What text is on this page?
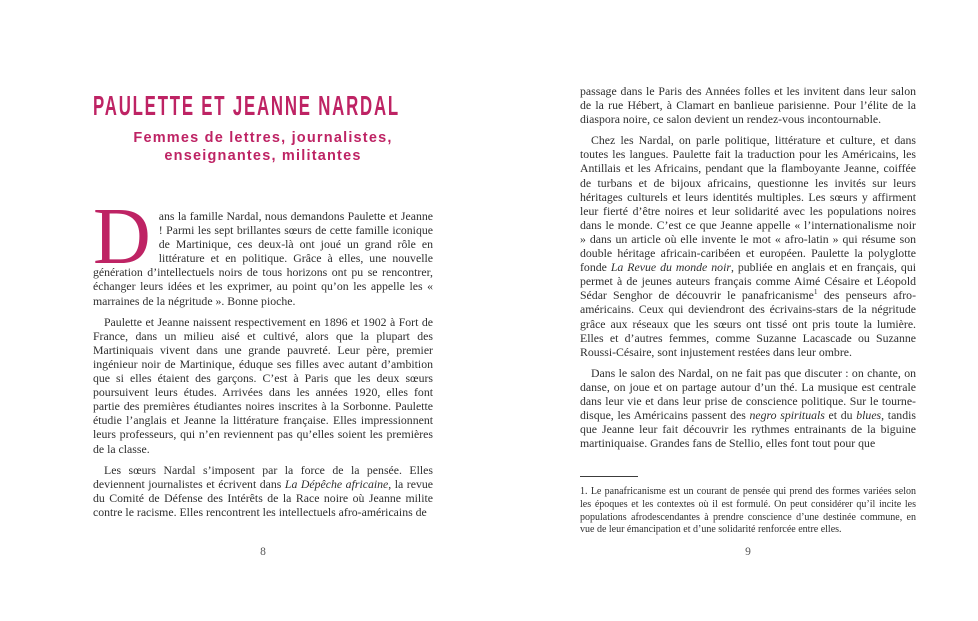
PAULETTE ET JEANNE NARDAL

Femmes de lettres, journalistes,
enseignantes, militantes

Dans la famille Nardal, nous demandons Paulette et Jeanne ! Parmi les sept brillantes sœurs de cette famille iconique de Martinique, ces deux-là ont joué un grand rôle en littérature et en politique. Grâce à elles, une nouvelle génération d’intellectuels noirs de tous horizons ont pu se rencontrer, échanger leurs idées et les exprimer, au point qu’on les appelle les « marraines de la négritude ». Bonne pioche.

Paulette et Jeanne naissent respectivement en 1896 et 1902 à Fort de France, dans un milieu aisé et cultivé, alors que la plupart des Martiniquais vivent dans une grande pauvreté. Leur père, premier ingénieur noir de Martinique, éduque ses filles avec autant d’ambition que si elles étaient des garçons. C’est à Paris que les deux sœurs poursuivent leurs études. Arrivées dans les années 1920, elles font partie des premières étudiantes noires inscrites à la Sorbonne. Paulette étudie l’anglais et Jeanne la littérature française. Elles impressionnent leurs professeurs, qui n’en reviennent pas qu’elles soient les premières de la classe.

Les sœurs Nardal s’imposent par la force de la pensée. Elles deviennent journalistes et écrivent dans La Dépêche africaine, la revue du Comité de Défense des Intérêts de la Race noire où Jeanne milite contre le racisme. Elles rencontrent les intellectuels afro-américains de

8

passage dans le Paris des Années folles et les invitent dans leur salon de la rue Hébert, à Clamart en banlieue parisienne. Pour l’élite de la diaspora noire, ce salon devient un rendez-vous incontournable.

Chez les Nardal, on parle politique, littérature et culture, et dans toutes les langues. Paulette fait la traduction pour les Américains, les Antillais et les Africains, pendant que la flamboyante Jeanne, coiffée de turbans et de bijoux africains, questionne les invités sur leurs héritages culturels et leurs identités multiples. Les sœurs y affirment leur fierté d’être noires et leur solidarité avec les populations noires dans le monde. C’est ce que Jeanne appelle « l’internationalisme noir » dans un article où elle invente le mot « afro-latin » qui résume son double héritage africain-caribéen et européen. Paulette la polyglotte fonde La Revue du monde noir, publiée en anglais et en français, qui permet à de jeunes auteurs français comme Aimé Césaire et Léopold Sédar Senghor de découvrir le panafricanisme$^1$ des penseurs afro-américains. Ceux qui deviendront des écrivains-stars de la négritude grâce aux réseaux que les sœurs ont tissé ont pris toute la lumière. Elles et d’autres femmes, comme Suzanne Lacascade ou Suzanne Roussi-Césaire, sont injustement restées dans leur ombre.

Dans le salon des Nardal, on ne fait pas que discuter : on chante, on danse, on joue et on partage autour d’un thé. La musique est centrale dans leur vie et dans leur prise de conscience politique. Sur le tourne-disque, les Américains passent des negro spirituals et du blues, tandis que Jeanne leur fait découvrir les rythmes entrainants de la biguine martiniquaise. Grandes fans de Stellio, elles font tout pour que

1. Le panafricanisme est un courant de pensée qui prend des formes variées selon les époques et les contextes où il est formulé. On peut considérer qu’il incite les populations afrodescendantes à prendre conscience d’une destinée commune, en vue de leur émancipation et d’une solidarité renforcée entre elles.

9
